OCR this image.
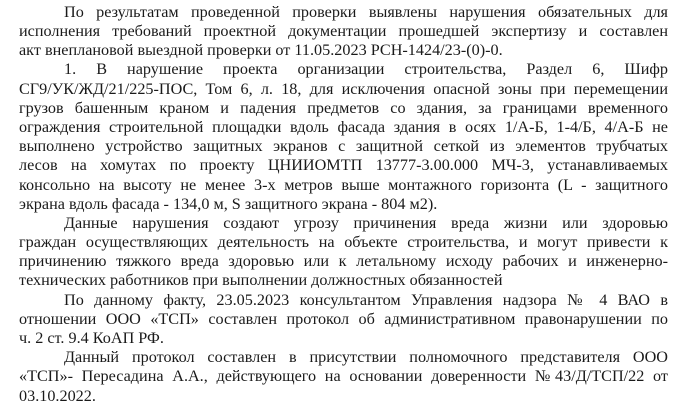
По результатам проведенной проверки выявлены нарушения обязательных для
исполнения требований проектной документации прошедшей экспертизу и составлен
акт внеплановой выездной проверки от 11.05.2023 РСН-1424/23-(0)-0.
1. В нарушение проекта организации строительства, Раздел 6, Шифр
СГ9/УК/ЖД/21/225-ПОС, Том 6, л. 18, для исключения опасной зоны при перемещении
грузов башенным краном и падения предметов со здания, за границами временного
ограждения строительной площадки вдоль фасада здания в осях 1/А-Б, 1-4/Б, 4/А-Б не
выполнено устройство защитных экранов с защитной сеткой из элементов трубчатых
лесов на хомутах по проекту ЦНИИОМТП 13777-3.00.000 МЧ-3, устанавливаемых
консольно на высоту не менее 3-х метров выше монтажного горизонта (L - защитного
экрана вдоль фасада - 134,0 м, S защитного экрана - 804 м2).
Данные нарушения создают угрозу причинения вреда жизни или здоровью
граждан осуществляющих деятельность на объекте строительства, и могут привести к
причинению тяжкого вреда здоровью или к летальному исходу рабочих и инженерно-
технических работников при выполнении должностных обязанностей
По данному факту, 23.05.2023 консультантом Управления надзора № 4 ВАО в
отношении ООО «ТСП» составлен протокол об административном правонарушении по
ч. 2 ст. 9.4 КоАП РФ.
Данный протокол составлен в присутствии полномочного представителя ООО
«ТСП»- Пересадина А.А., действующего на основании доверенности №43/Д/ТСП/22 от
03.10.2022.
